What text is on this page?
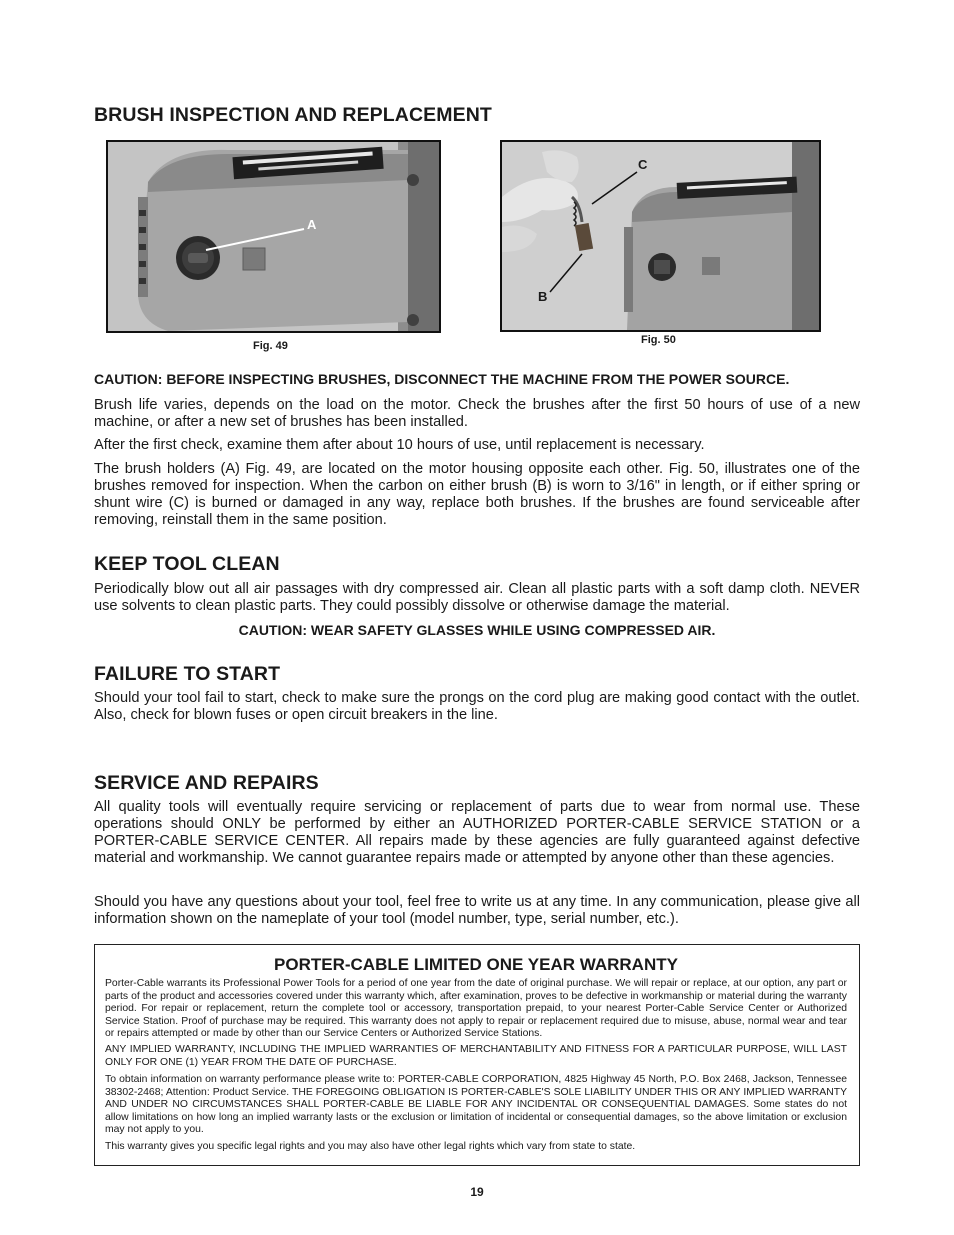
BRUSH INSPECTION AND REPLACEMENT
A
Fig. 49
C
B
Fig. 50
CAUTION: BEFORE INSPECTING BRUSHES, DISCONNECT THE MACHINE FROM THE POWER SOURCE.

Brush life varies, depends on the load on the motor. Check the brushes after the first 50 hours of use of a new machine, or after a new set of brushes has been installed.

After the first check, examine them after about 10 hours of use, until replacement is necessary.

The brush holders (A) Fig. 49, are located on the motor housing opposite each other. Fig. 50, illustrates one of the brushes removed for inspection. When the carbon on either brush (B) is worn to 3/16" in length, or if either spring or shunt wire (C) is burned or damaged in any way, replace both brushes. If the brushes are found serviceable after removing, reinstall them in the same position.

KEEP TOOL CLEAN

Periodically blow out all air passages with dry compressed air. Clean all plastic parts with a soft damp cloth. NEVER use solvents to clean plastic parts. They could possibly dissolve or otherwise damage the material.

CAUTION: WEAR SAFETY GLASSES WHILE USING COMPRESSED AIR.
FAILURE TO START

Should your tool fail to start, check to make sure the prongs on the cord plug are making good contact with the outlet. Also, check for blown fuses or open circuit breakers in the line.

SERVICE AND REPAIRS

All quality tools will eventually require servicing or replacement of parts due to wear from normal use. These operations should ONLY be performed by either an AUTHORIZED PORTER-CABLE SERVICE STATION or a PORTER-CABLE SERVICE CENTER. All repairs made by these agencies are fully guaranteed against defective material and workmanship. We cannot guarantee repairs made or attempted by anyone other than these agencies.

Should you have any questions about your tool, feel free to write us at any time. In any communication, please give all information shown on the nameplate of your tool (model number, type, serial number, etc.).

PORTER-CABLE LIMITED ONE YEAR WARRANTY

Porter-Cable warrants its Professional Power Tools for a period of one year from the date of original purchase. We will repair or replace, at our option, any part or parts of the product and accessories covered under this warranty which, after examination, proves to be defective in workmanship or material during the warranty period. For repair or replacement, return the complete tool or accessory, transportation prepaid, to your nearest Porter-Cable Service Center or Authorized Service Station. Proof of purchase may be required. This warranty does not apply to repair or replacement required due to misuse, abuse, normal wear and tear or repairs attempted or made by other than our Service Centers or Authorized Service Stations.

ANY IMPLIED WARRANTY, INCLUDING THE IMPLIED WARRANTIES OF MERCHANTABILITY AND FITNESS FOR A PARTICULAR PURPOSE, WILL LAST ONLY FOR ONE (1) YEAR FROM THE DATE OF PURCHASE.

To obtain information on warranty performance please write to: PORTER-CABLE CORPORATION, 4825 Highway 45 North, P.O. Box 2468, Jackson, Tennessee 38302-2468; Attention: Product Service. THE FOREGOING OBLIGATION IS PORTER-CABLE'S SOLE LIABILITY UNDER THIS OR ANY IMPLIED WARRANTY AND UNDER NO CIRCUMSTANCES SHALL PORTER-CABLE BE LIABLE FOR ANY INCIDENTAL OR CONSEQUENTIAL DAMAGES. Some states do not allow limitations on how long an implied warranty lasts or the exclusion or limitation of incidental or consequential damages, so the above limitation or exclusion may not apply to you.

This warranty gives you specific legal rights and you may also have other legal rights which vary from state to state.

19
